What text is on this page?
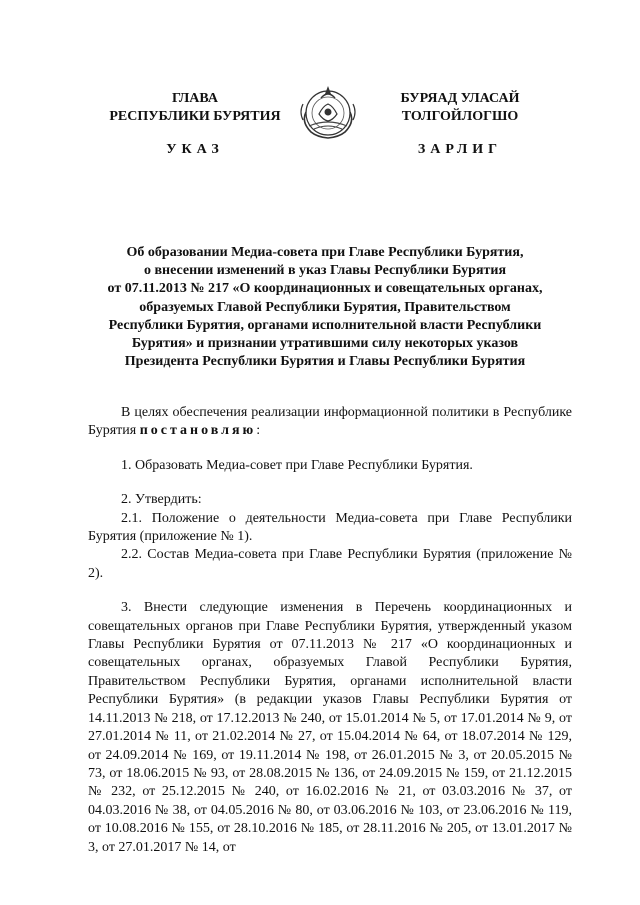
ГЛАВА
РЕСПУБЛИКИ БУРЯТИЯ
БУРЯАД УЛАСАЙ
ТОЛГОЙЛОГШО
УКАЗ	ЗАРЛИГ
Об образовании Медиа-совета при Главе Республики Бурятия,
о внесении изменений в указ Главы Республики Бурятия
от 07.11.2013 № 217 «О координационных и совещательных органах,
образуемых Главой Республики Бурятия, Правительством
Республики Бурятия, органами исполнительной власти Республики
Бурятия» и признании утратившими силу некоторых указов
Президента Республики Бурятия и Главы Республики Бурятия

В целях обеспечения реализации информационной политики в Республике Бурятия постановляю:

1. Образовать Медиа-совет при Главе Республики Бурятия.

2. Утвердить:

2.1. Положение о деятельности Медиа-совета при Главе Республики Бурятия (приложение № 1).

2.2. Состав Медиа-совета при Главе Республики Бурятия (приложение № 2).

3. Внести следующие изменения в Перечень координационных и совещательных органов при Главе Республики Бурятия, утвержденный указом Главы Республики Бурятия от 07.11.2013 № 217 «О координационных и совещательных органах, образуемых Главой Республики Бурятия, Правительством Республики Бурятия, органами исполнительной власти Республики Бурятия» (в редакции указов Главы Республики Бурятия от 14.11.2013 № 218, от 17.12.2013 № 240, от 15.01.2014 № 5, от 17.01.2014 № 9, от 27.01.2014 № 11, от 21.02.2014 № 27, от 15.04.2014 № 64, от 18.07.2014 № 129, от 24.09.2014 № 169, от 19.11.2014 № 198, от 26.01.2015 № 3, от 20.05.2015 № 73, от 18.06.2015 № 93, от 28.08.2015 № 136, от 24.09.2015 № 159, от 21.12.2015 № 232, от 25.12.2015 № 240, от 16.02.2016 № 21, от 03.03.2016 № 37, от 04.03.2016 № 38, от 04.05.2016 № 80, от 03.06.2016 № 103, от 23.06.2016 № 119, от 10.08.2016 № 155, от 28.10.2016 № 185, от 28.11.2016 № 205, от 13.01.2017 № 3, от 27.01.2017 № 14, от
